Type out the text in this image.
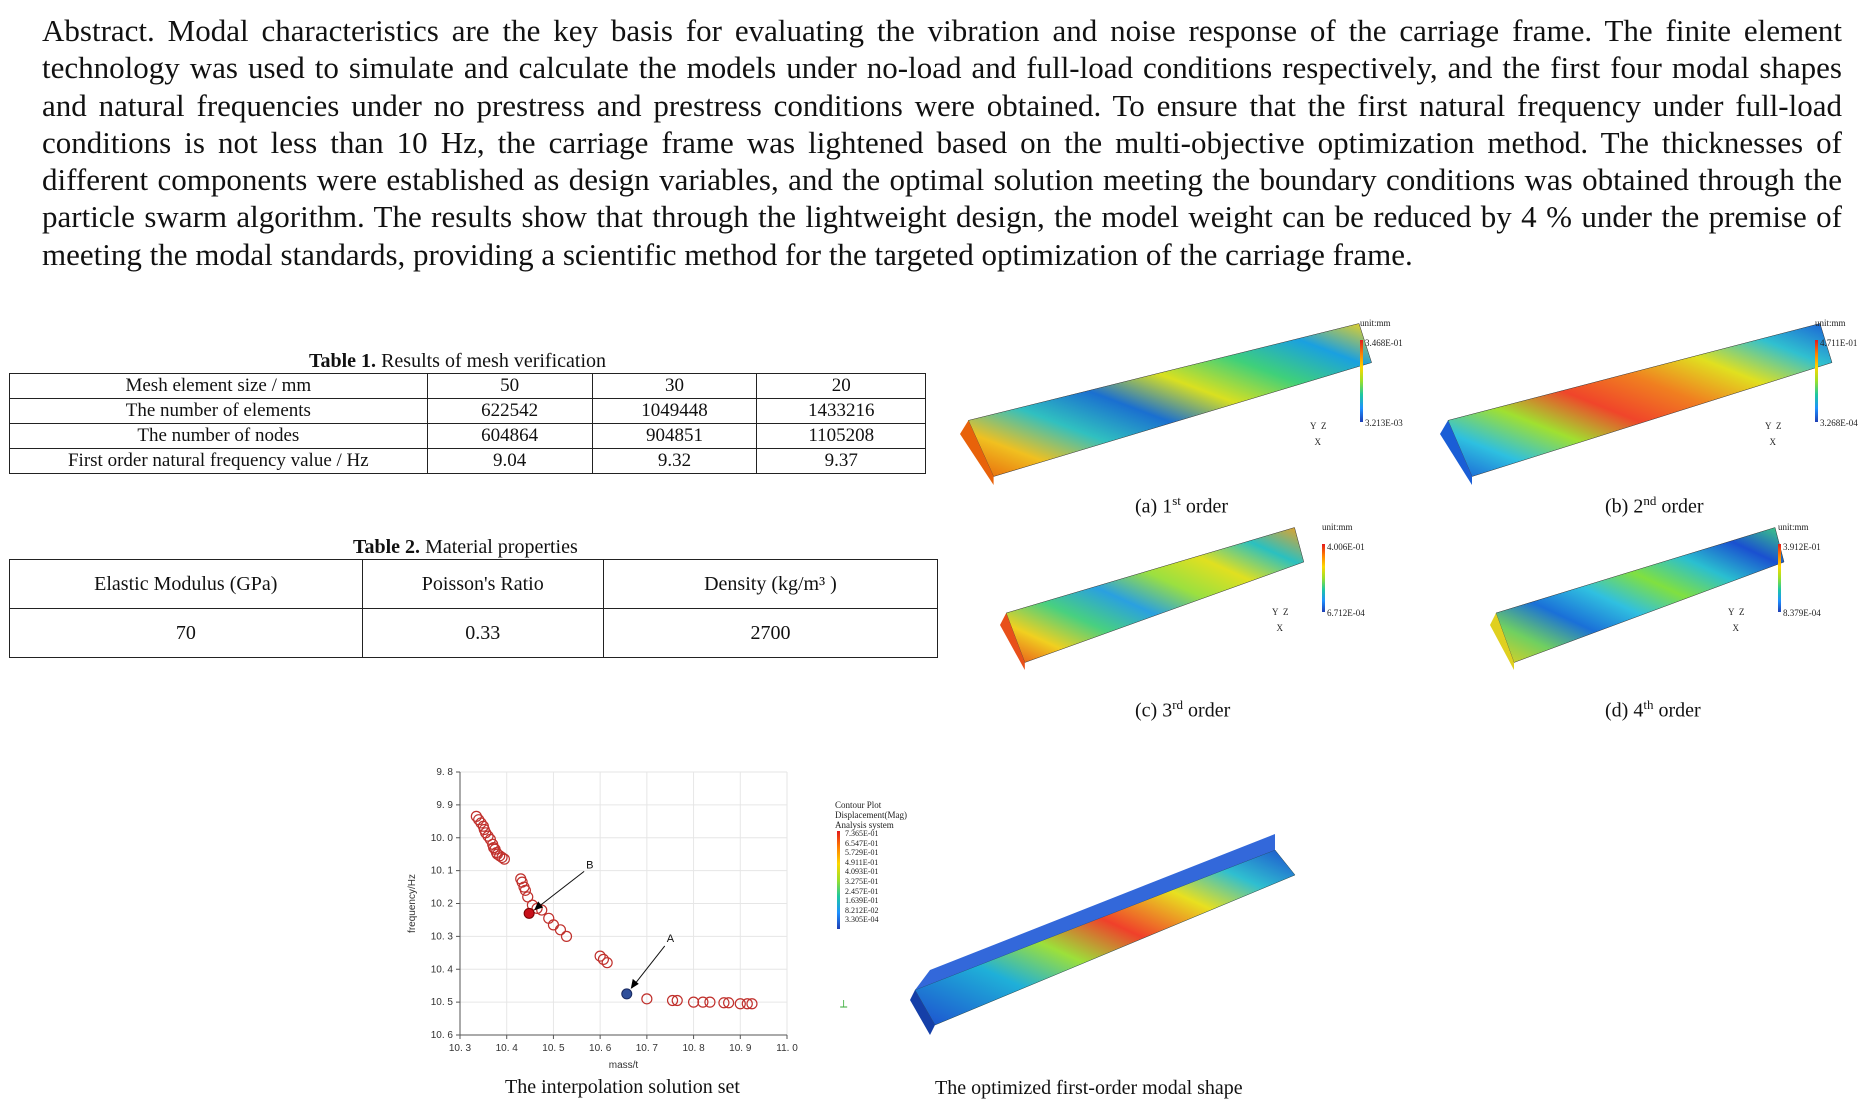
Abstract. Modal characteristics are the key basis for evaluating the vibration and noise response of the carriage frame. The finite element technology was used to simulate and calculate the models under no-load and full-load conditions respectively, and the first four modal shapes and natural frequencies under no prestress and prestress conditions were obtained. To ensure that the first natural frequency under full-load conditions is not less than 10 Hz, the carriage frame was lightened based on the multi-objective optimization method. The thicknesses of different components were established as design variables, and the optimal solution meeting the boundary conditions was obtained through the particle swarm algorithm. The results show that through the lightweight design, the model weight can be reduced by 4 % under the premise of meeting the modal standards, providing a scientific method for the targeted optimization of the carriage frame.

Table 1. Results of mesh verification
Mesh element size / mm	50	30	20
The number of elements	622542	1049448	1433216
The number of nodes	604864	904851	1105208
First order natural frequency value / Hz	9.04	9.32	9.37
Table 2. Material properties
Elastic Modulus (GPa)	Poisson's Ratio	Density (kg/m³ )
70	0.33	2700
unit:mm
3.468E-01
3.213E-03
Y Z
X
(a) 1st order
unit:mm
4.711E-01
3.268E-04
Y Z
X
(b) 2nd order
unit:mm
4.006E-01
6.712E-04
Y Z
X
(c) 3rd order
unit:mm
3.912E-01
8.379E-04
Y Z
X
(d) 4th order
10. 3 10. 4 10. 5 10. 6 10. 7 10. 8 10. 9 11. 0
9. 8
9. 9
10. 0
10. 1
10. 2
10. 3
10. 4
10. 5
10. 6
mass/t
frequency/Hz
B
A
The interpolation solution set
Contour Plot
Displacement(Mag)
Analysis system
7.365E-01
6.547E-01
5.729E-01
4.911E-01
4.093E-01
3.275E-01
2.457E-01
1.639E-01
8.212E-02
3.305E-04
⟂
The optimized first-order modal shape
